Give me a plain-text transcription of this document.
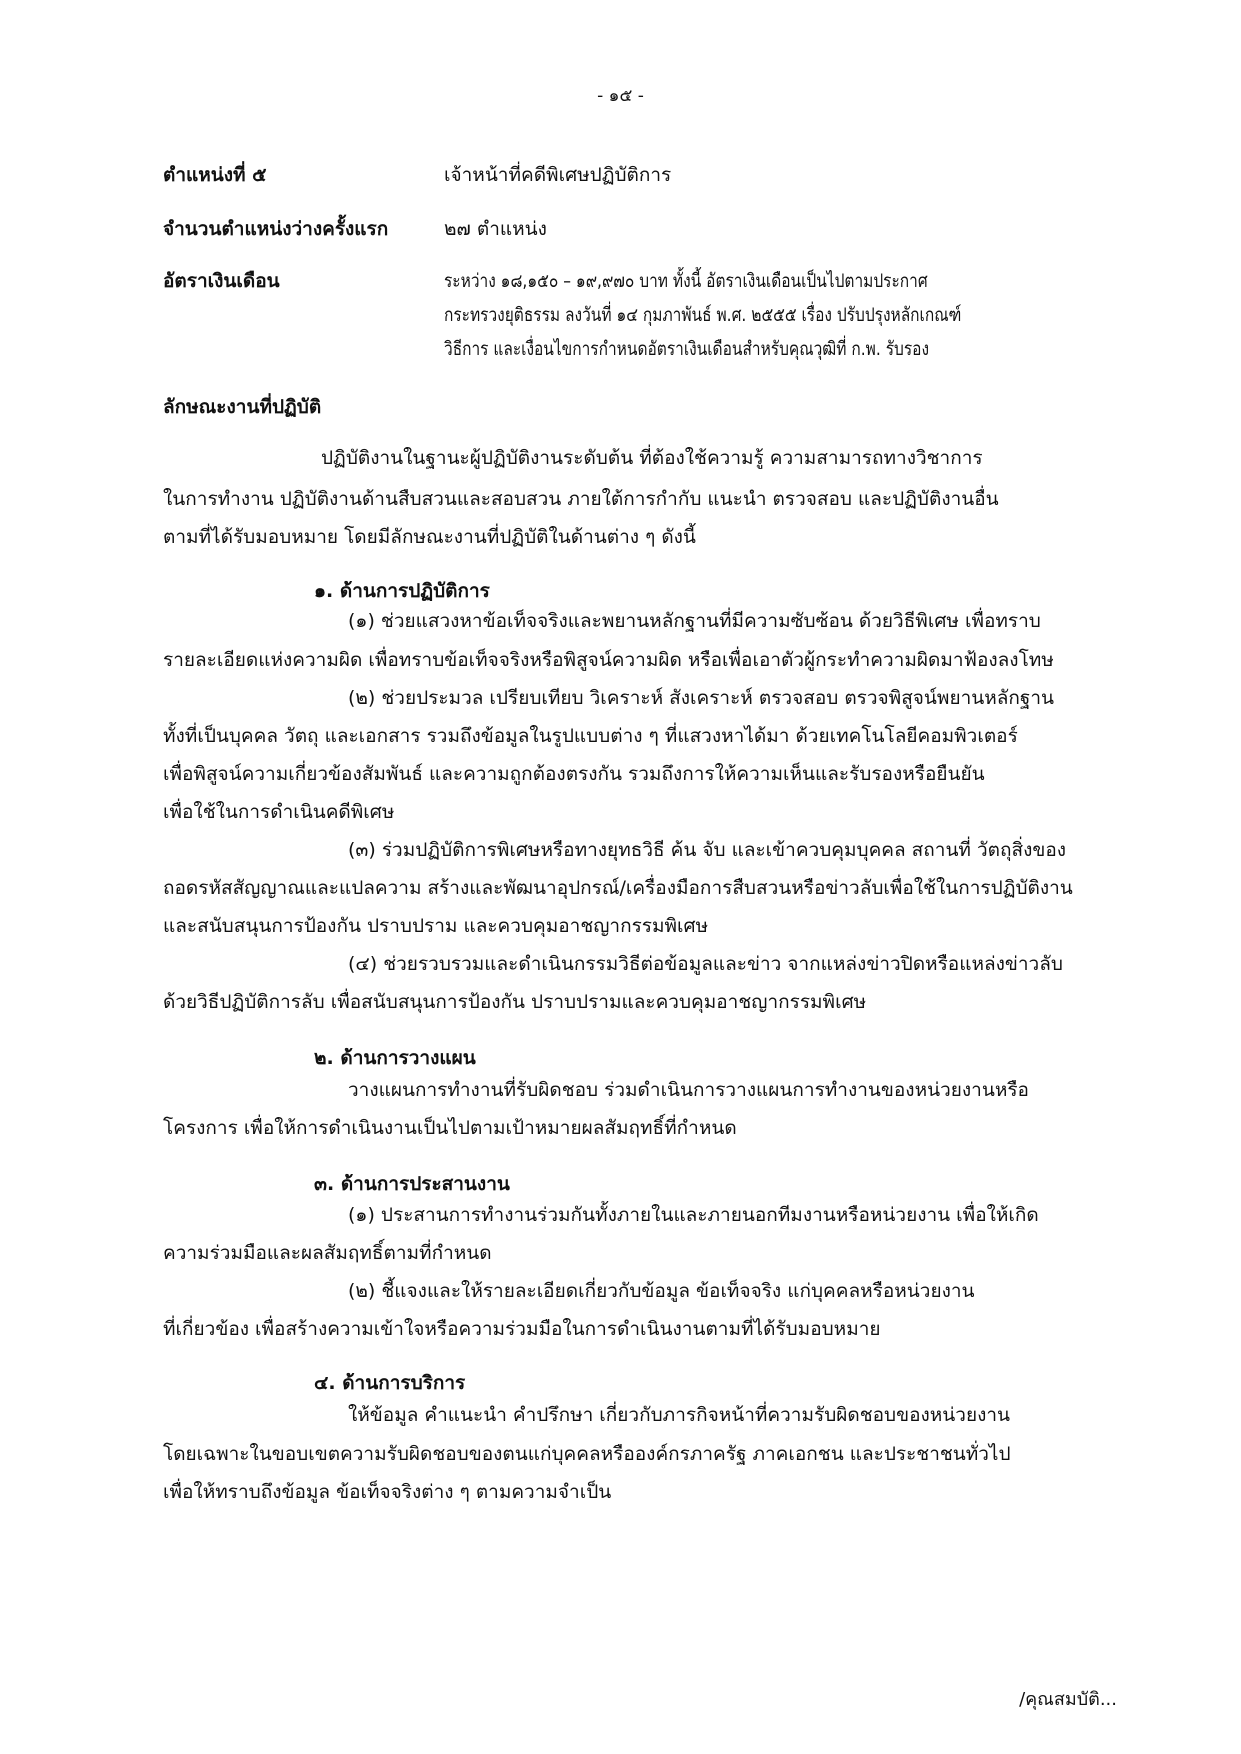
- ๑๕ -
ตำแหน่งที่ ๕	เจ้าหน้าที่คดีพิเศษปฏิบัติการ
จำนวนตำแหน่งว่างครั้งแรก	๒๗ ตำแหน่ง
อัตราเงินเดือน	ระหว่าง ๑๘,๑๕๐ – ๑๙,๙๗๐ บาท ทั้งนี้ อัตราเงินเดือนเป็นไปตามประกาศ
กระทรวงยุติธรรม ลงวันที่ ๑๔ กุมภาพันธ์ พ.ศ. ๒๕๕๕ เรื่อง ปรับปรุงหลักเกณฑ์
วิธีการ และเงื่อนไขการกำหนดอัตราเงินเดือนสำหรับคุณวุฒิที่ ก.พ. รับรอง
ลักษณะงานที่ปฏิบัติ
ปฏิบัติงานในฐานะผู้ปฏิบัติงานระดับต้น ที่ต้องใช้ความรู้ ความสามารถทางวิชาการ
ในการทำงาน ปฏิบัติงานด้านสืบสวนและสอบสวน ภายใต้การกำกับ แนะนำ ตรวจสอบ และปฏิบัติงานอื่น
ตามที่ได้รับมอบหมาย โดยมีลักษณะงานที่ปฏิบัติในด้านต่าง ๆ ดังนี้
๑. ด้านการปฏิบัติการ
(๑) ช่วยแสวงหาข้อเท็จจริงและพยานหลักฐานที่มีความซับซ้อน ด้วยวิธีพิเศษ เพื่อทราบ
รายละเอียดแห่งความผิด เพื่อทราบข้อเท็จจริงหรือพิสูจน์ความผิด หรือเพื่อเอาตัวผู้กระทำความผิดมาฟ้องลงโทษ
(๒) ช่วยประมวล เปรียบเทียบ วิเคราะห์ สังเคราะห์ ตรวจสอบ ตรวจพิสูจน์พยานหลักฐาน
ทั้งที่เป็นบุคคล วัตถุ และเอกสาร รวมถึงข้อมูลในรูปแบบต่าง ๆ ที่แสวงหาได้มา ด้วยเทคโนโลยีคอมพิวเตอร์
เพื่อพิสูจน์ความเกี่ยวข้องสัมพันธ์ และความถูกต้องตรงกัน รวมถึงการให้ความเห็นและรับรองหรือยืนยัน
เพื่อใช้ในการดำเนินคดีพิเศษ
(๓) ร่วมปฏิบัติการพิเศษหรือทางยุทธวิธี ค้น จับ และเข้าควบคุมบุคคล สถานที่ วัตถุสิ่งของ
ถอดรหัสสัญญาณและแปลความ สร้างและพัฒนาอุปกรณ์/เครื่องมือการสืบสวนหรือข่าวลับเพื่อใช้ในการปฏิบัติงาน
และสนับสนุนการป้องกัน ปราบปราม และควบคุมอาชญากรรมพิเศษ
(๔) ช่วยรวบรวมและดำเนินกรรมวิธีต่อข้อมูลและข่าว จากแหล่งข่าวปิดหรือแหล่งข่าวลับ
ด้วยวิธีปฏิบัติการลับ เพื่อสนับสนุนการป้องกัน ปราบปรามและควบคุมอาชญากรรมพิเศษ
๒. ด้านการวางแผน
วางแผนการทำงานที่รับผิดชอบ ร่วมดำเนินการวางแผนการทำงานของหน่วยงานหรือ
โครงการ เพื่อให้การดำเนินงานเป็นไปตามเป้าหมายผลสัมฤทธิ์ที่กำหนด
๓. ด้านการประสานงาน
(๑) ประสานการทำงานร่วมกันทั้งภายในและภายนอกทีมงานหรือหน่วยงาน เพื่อให้เกิด
ความร่วมมือและผลสัมฤทธิ์ตามที่กำหนด
(๒) ชี้แจงและให้รายละเอียดเกี่ยวกับข้อมูล ข้อเท็จจริง แก่บุคคลหรือหน่วยงาน
ที่เกี่ยวข้อง เพื่อสร้างความเข้าใจหรือความร่วมมือในการดำเนินงานตามที่ได้รับมอบหมาย
๔. ด้านการบริการ
ให้ข้อมูล คำแนะนำ คำปรึกษา เกี่ยวกับภารกิจหน้าที่ความรับผิดชอบของหน่วยงาน
โดยเฉพาะในขอบเขตความรับผิดชอบของตนแก่บุคคลหรือองค์กรภาครัฐ ภาคเอกชน และประชาชนทั่วไป
เพื่อให้ทราบถึงข้อมูล ข้อเท็จจริงต่าง ๆ ตามความจำเป็น
/คุณสมบัติ...
